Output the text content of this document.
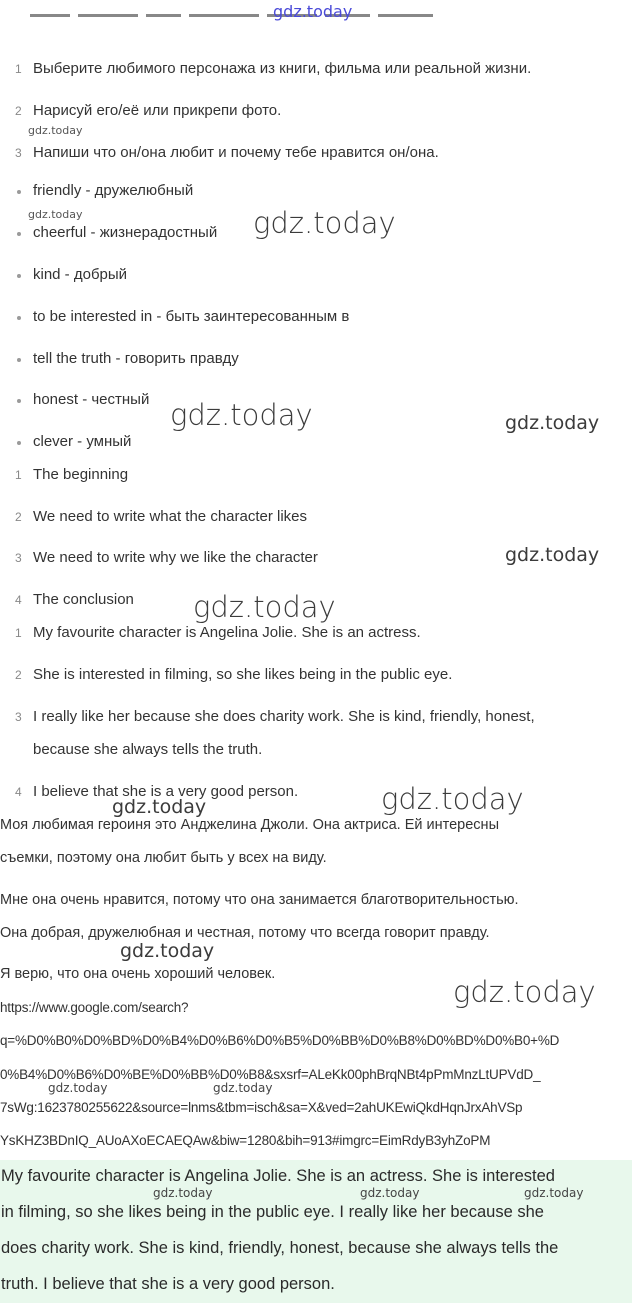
gdz.today
1 Выберите любимого персонажа из книги, фильма или реальной жизни.
2 Нарисуй его/её или прикрепи фото.
3 Напиши что он/она любит и почему тебе нравится он/она.
friendly - дружелюбный
cheerful - жизнерадостный
kind - добрый
to be interested in - быть заинтересованным в
tell the truth - говорить правду
honest - честный
clever - умный
1 The beginning
2 We need to write what the character likes
3 We need to write why we like the character
4 The conclusion
1 My favourite character is Angelina Jolie. She is an actress.
2 She is interested in filming, so she likes being in the public eye.
3 I really like her because she does charity work. She is kind, friendly, honest,
because she always tells the truth.
4 I believe that she is a very good person.
Моя любимая героиня это Анджелина Джоли. Она актриса. Ей интересны
съемки, поэтому она любит быть у всех на виду.
Мне она очень нравится, потому что она занимается благотворительностью.
Она добрая, дружелюбная и честная, потому что всегда говорит правду.
Я верю, что она очень хороший человек.
https://www.google.com/search?
q=%D0%B0%D0%BD%D0%B4%D0%B6%D0%B5%D0%BB%D0%B8%D0%BD%D0%B0+%D
0%B4%D0%B6%D0%BE%D0%BB%D0%B8&sxsrf=ALeKk00phBrqNBt4pPmMnzLtUPVdD_
7sWg:1623780255622&source=lnms&tbm=isch&sa=X&ved=2ahUKEwiQkdHqnJrxAhVSp
YsKHZ3BDnIQ_AUoAXoECAEQAw&biw=1280&bih=913#imgrc=EimRdyB3yhZoPM
My favourite character is Angelina Jolie. She is an actress. She is interested
in filming, so she likes being in the public eye. I really like her because she
does charity work. She is kind, friendly, honest, because she always tells the
truth. I believe that she is a very good person.
gdz.today
gdz.today	gdz.today
gdz.today	gdz.today
gdz.today
gdz.today
gdz.today	gdz.today
gdz.today
gdz.today
gdz.today	gdz.today
gdz.today	gdz.today	gdz.today
